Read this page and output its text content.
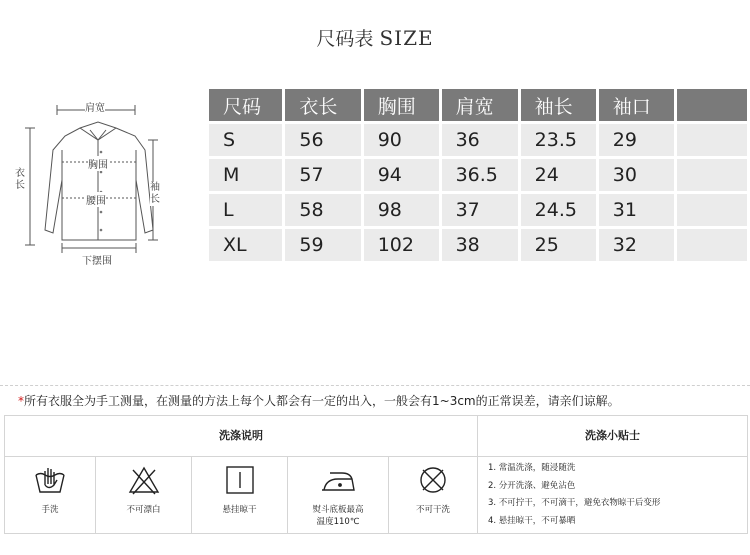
尺码表 SIZE
肩宽
衣长
胸围
腰围
袖长
下摆围
尺码	衣长	胸围	肩宽	袖长	袖口	
S	56	90	36	23.5	29	
M	57	94	36.5	24	30	
L	58	98	37	24.5	31	
XL	59	102	38	25	32	
*所有衣服全为手工测量，在测量的方法上每个人都会有一定的出入，一般会有1~3cm的正常误差，请亲们谅解。
洗涤说明	洗涤小贴士
手洗	不可漂白	悬挂晾干	熨斗底板最高
温度110℃
不可干洗
1. 常温洗涤，随浸随洗
2. 分开洗涤、避免沾色
3. 不可拧干，不可滴干，避免衣物晾干后变形
4. 悬挂晾干，不可暴晒
